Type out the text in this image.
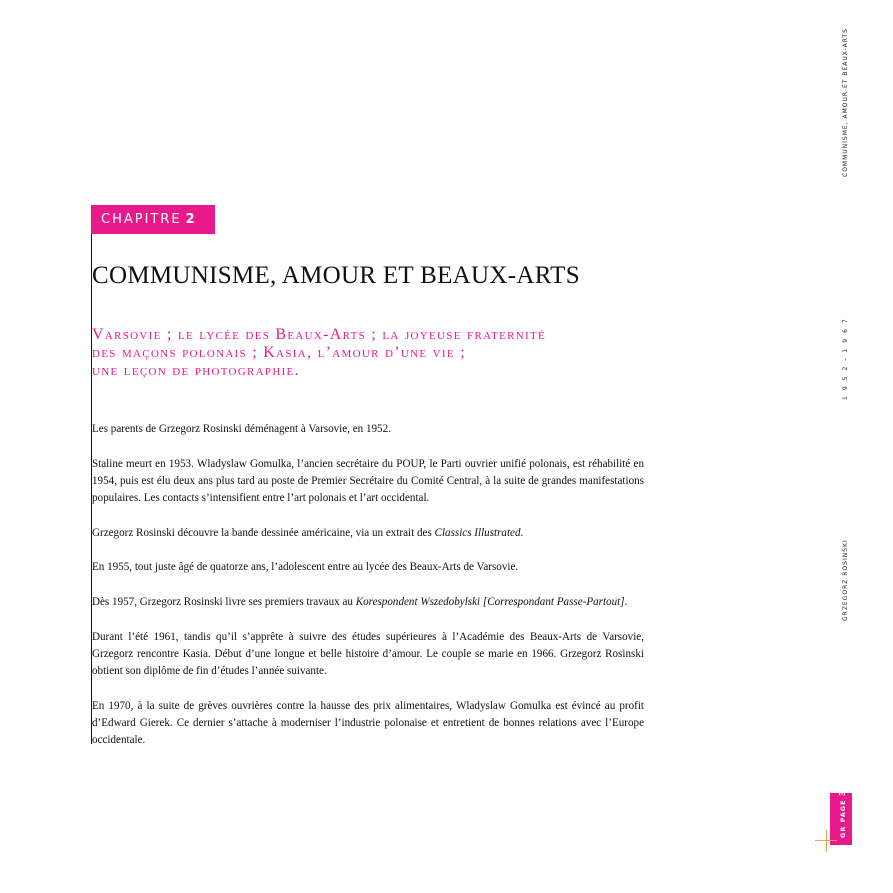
CHAPITRE 2
COMMUNISME, AMOUR ET BEAUX-ARTS
Varsovie ; le lycée des Beaux-Arts ; la joyeuse fraternité
des maçons polonais ; Kasia, l’amour d’une vie ;
une leçon de photographie.

Les parents de Grzegorz Rosinski déménagent à Varsovie, en 1952.

Staline meurt en 1953. Wladyslaw Gomulka, l’ancien secrétaire du POUP, le Parti ouvrier unifié polonais, est réhabilité en 1954, puis est élu deux ans plus tard au poste de Premier Secrétaire du Comité Central, à la suite de grandes manifestations populaires. Les contacts s’intensifient entre l’art polonais et l’art occidental.

Grzegorz Rosinski découvre la bande dessinée américaine, via un extrait des Classics Illustrated.

En 1955, tout juste âgé de quatorze ans, l’adolescent entre au lycée des Beaux-Arts de Varsovie.

Dès 1957, Grzegorz Rosinski livre ses premiers travaux au Korespondent Wszedobylski [Correspondant Passe-Partout].

Durant l’été 1961, tandis qu’il s’apprête à suivre des études supérieures à l’Académie des Beaux-Arts de Varsovie, Grzegorz rencontre Kasia. Début d’une longue et belle histoire d’amour. Le couple se marie en 1966. Grzegorz Rosinski obtient son diplôme de fin d’études l’année suivante.

En 1970, à la suite de grèves ouvrières contre la hausse des prix alimentaires, Wladyslaw Gomulka est évincé au profit d’Edward Gierek. Ce dernier s’attache à moderniser l’industrie polonaise et entretient de bonnes relations avec l’Europe occidentale.

COMMUNISME, AMOUR ET BEAUX-ARTS
1952-1967
GRZEGORZ ROSINSKI
GR PAGE 35
